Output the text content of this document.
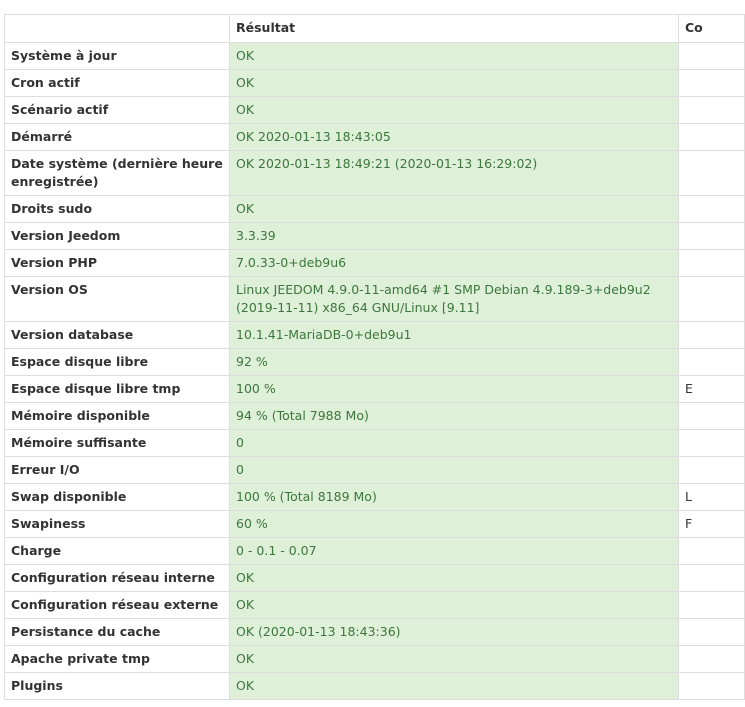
	Résultat	Co
Système à jour	OK	
Cron actif	OK	
Scénario actif	OK	
Démarré	OK 2020-01-13 18:43:05	
Date système (dernière heure enregistrée)	OK 2020-01-13 18:49:21 (2020-01-13 16:29:02)	
Droits sudo	OK	
Version Jeedom	3.3.39	
Version PHP	7.0.33-0+deb9u6	
Version OS	Linux JEEDOM 4.9.0-11-amd64 #1 SMP Debian 4.9.189-3+deb9u2 (2019-11-11) x86_64 GNU/Linux [9.11]	
Version database	10.1.41-MariaDB-0+deb9u1	
Espace disque libre	92 %	
Espace disque libre tmp	100 %	E
Mémoire disponible	94 % (Total 7988 Mo)	
Mémoire suffisante	0	
Erreur I/O	0	
Swap disponible	100 % (Total 8189 Mo)	L
Swapiness	60 %	F
Charge	0 - 0.1 - 0.07	
Configuration réseau interne	OK	
Configuration réseau externe	OK	
Persistance du cache	OK (2020-01-13 18:43:36)	
Apache private tmp	OK	
Plugins	OK	
